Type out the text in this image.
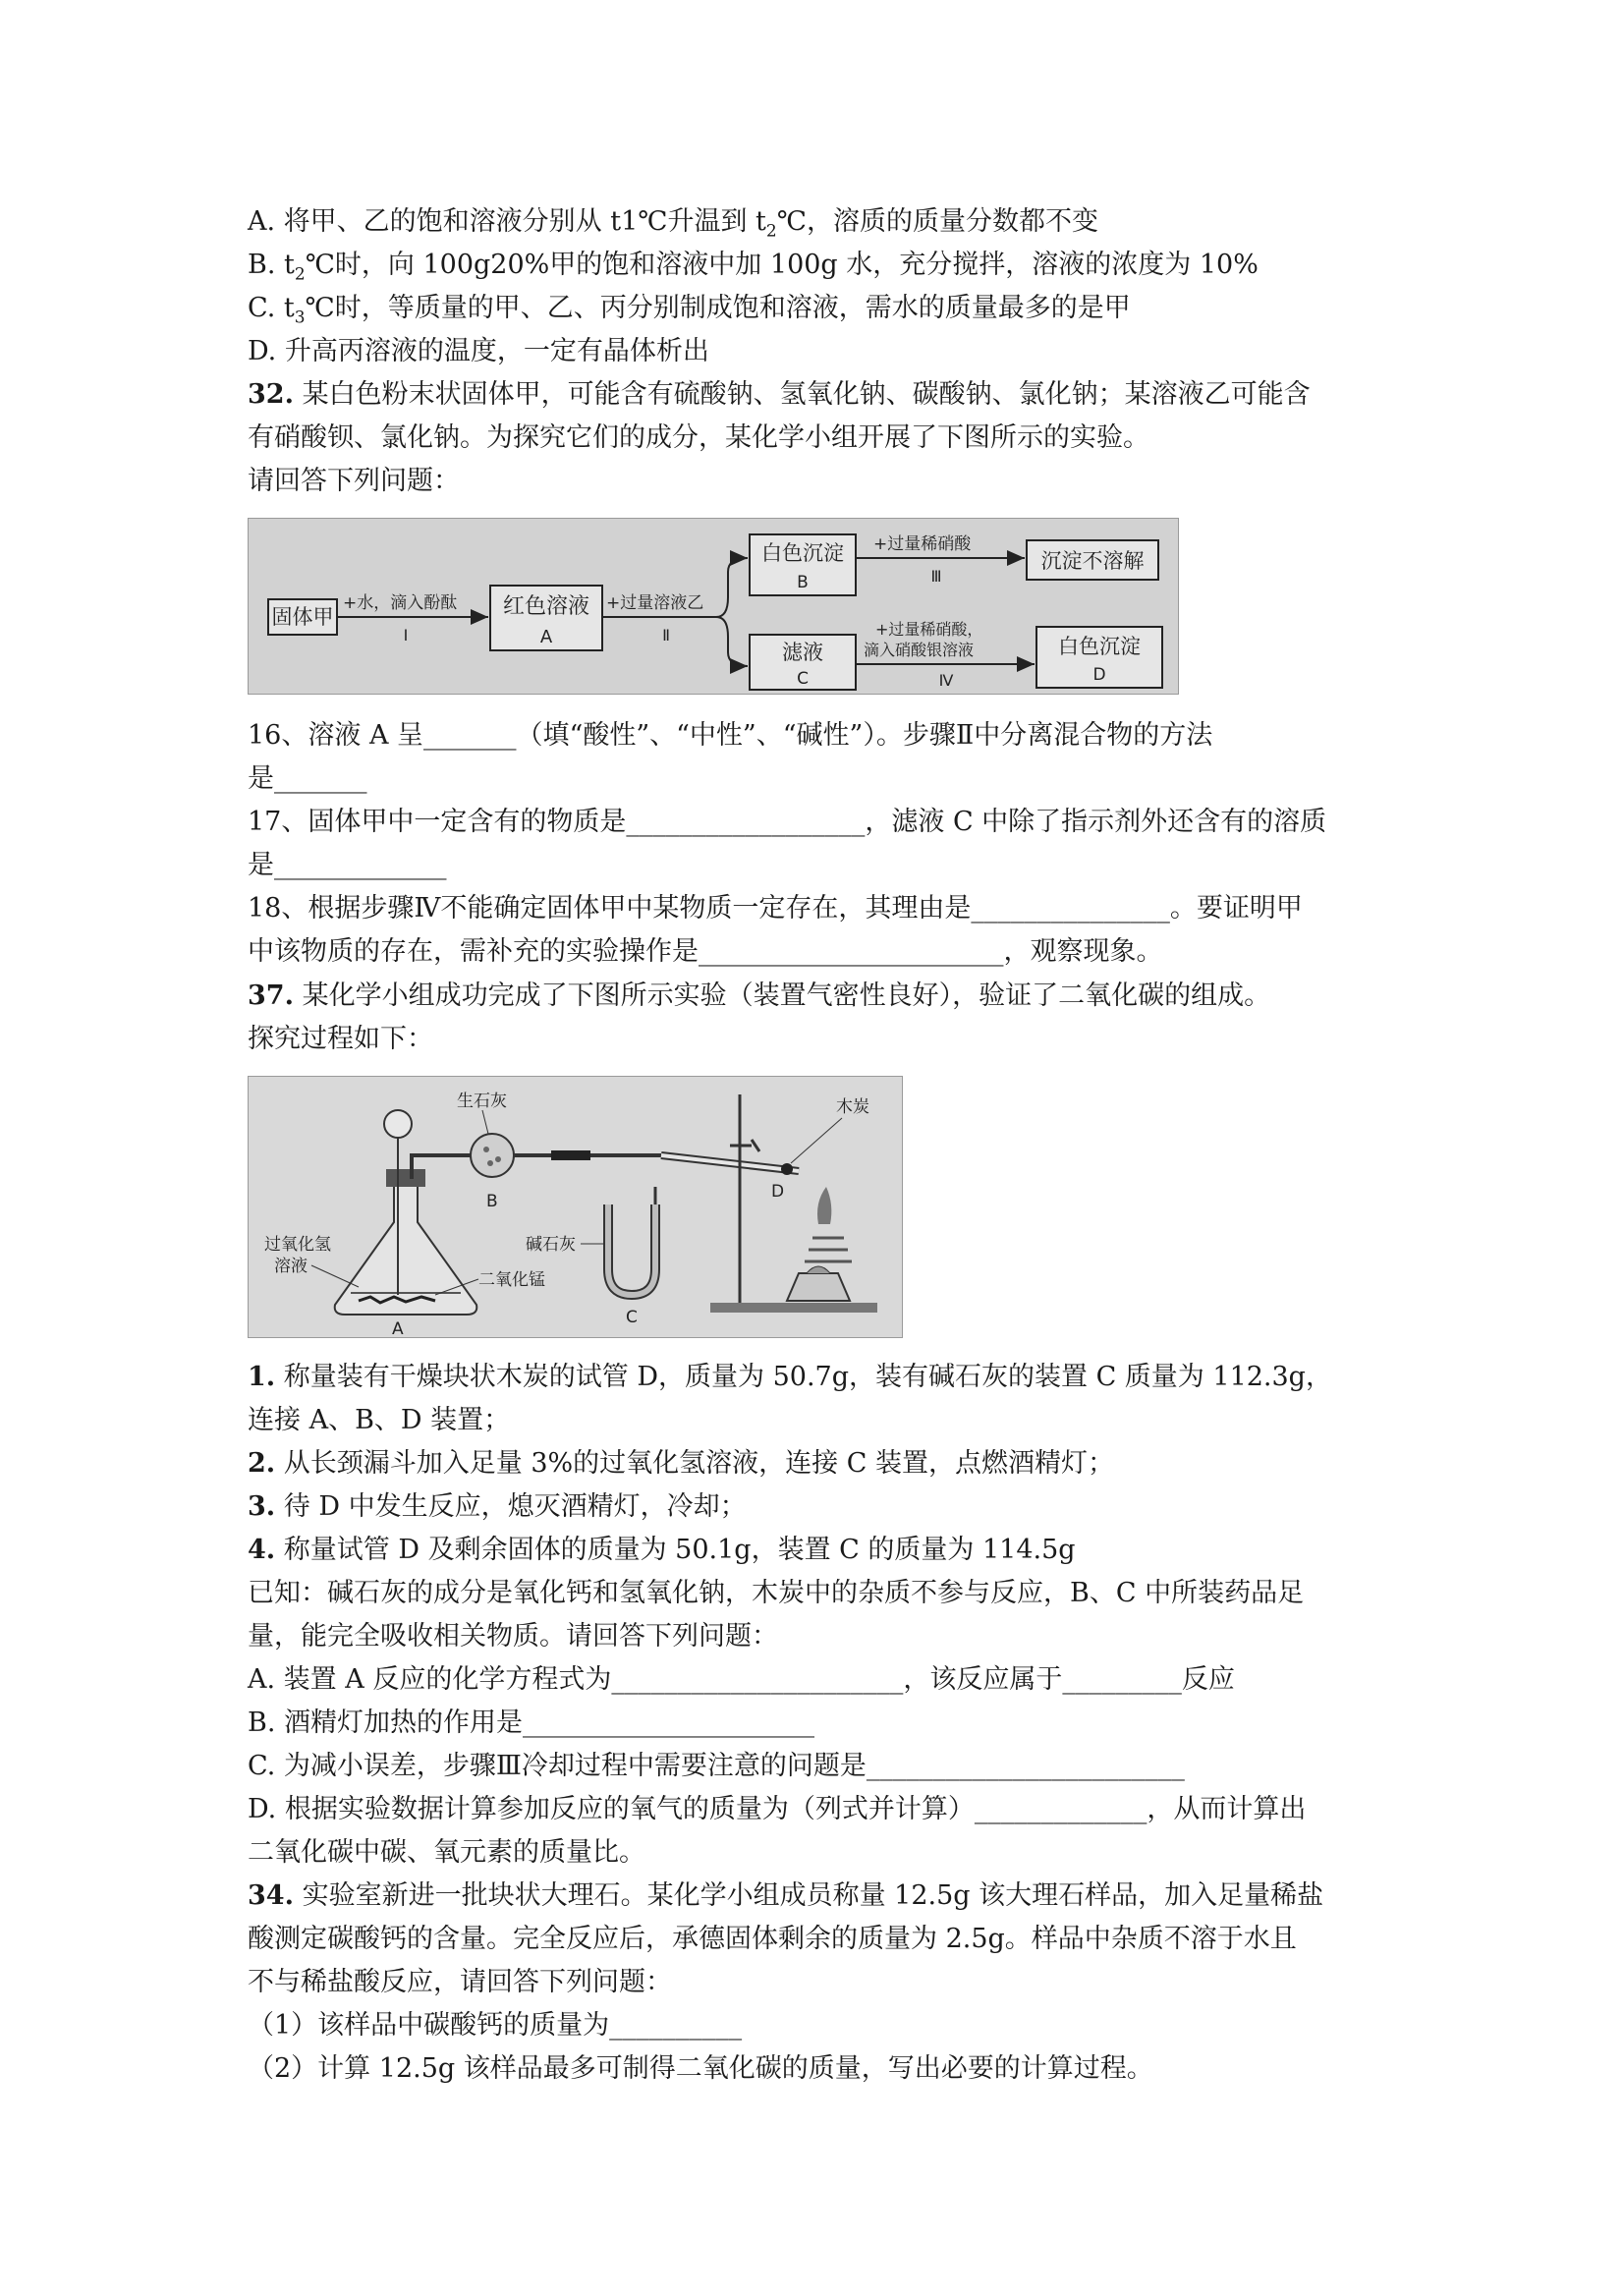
A. 将甲、乙的饱和溶液分别从 t1℃升温到 $t_2℃$，溶质的质量分数都不变
B. $t_2℃$时，向 100g20%甲的饱和溶液中加 100g 水，充分搅拌，溶液的浓度为 10%
C. $t_3℃$时，等质量的甲、乙、丙分别制成饱和溶液，需水的质量最多的是甲
D. 升高丙溶液的温度，一定有晶体析出
32. 某白色粉末状固体甲，可能含有硫酸钠、氢氧化钠、碳酸钠、氯化钠；某溶液乙可能含
有硝酸钡、氯化钠。为探究它们的成分，某化学小组开展了下图所示的实验。
请回答下列问题：
固体甲
+水，滴入酚酞
Ⅰ
红色溶液
A
+过量溶液乙
Ⅱ
白色沉淀
B
+过量稀硝酸
Ⅲ
沉淀不溶解
滤液
C
+过量稀硝酸，
滴入硝酸银溶液
Ⅳ
白色沉淀
D
16、溶液 A 呈_______（填“酸性”、“中性”、“碱性”）。步骤Ⅱ中分离混合物的方法
是_______
17、固体甲中一定含有的物质是__________________，滤液 C 中除了指示剂外还含有的溶质
是_____________
18、根据步骤Ⅳ不能确定固体甲中某物质一定存在，其理由是_______________。要证明甲
中该物质的存在，需补充的实验操作是_______________________，观察现象。
37. 某化学小组成功完成了下图所示实验（装置气密性良好），验证了二氧化碳的组成。
探究过程如下：
生石灰	木炭
B	D
碱石灰
过氧化氢
溶液
二氧化锰
A
C
1. 称量装有干燥块状木炭的试管 D，质量为 50.7g，装有碱石灰的装置 C 质量为 112.3g，
连接 A、B、D 装置；
2. 从长颈漏斗加入足量 3%的过氧化氢溶液，连接 C 装置，点燃酒精灯；
3. 待 D 中发生反应，熄灭酒精灯，冷却；
4. 称量试管 D 及剩余固体的质量为 50.1g，装置 C 的质量为 114.5g
已知：碱石灰的成分是氧化钙和氢氧化钠，木炭中的杂质不参与反应，B、C 中所装药品足
量，能完全吸收相关物质。请回答下列问题：
A. 装置 A 反应的化学方程式为______________________，该反应属于_________反应
B. 酒精灯加热的作用是______________________
C. 为减小误差，步骤Ⅲ冷却过程中需要注意的问题是________________________
D. 根据实验数据计算参加反应的氧气的质量为（列式并计算）_____________，从而计算出
二氧化碳中碳、氧元素的质量比。
34. 实验室新进一批块状大理石。某化学小组成员称量 12.5g 该大理石样品，加入足量稀盐
酸测定碳酸钙的含量。完全反应后，承德固体剩余的质量为 2.5g。样品中杂质不溶于水且
不与稀盐酸反应，请回答下列问题：
（1）该样品中碳酸钙的质量为__________
（2）计算 12.5g 该样品最多可制得二氧化碳的质量，写出必要的计算过程。
